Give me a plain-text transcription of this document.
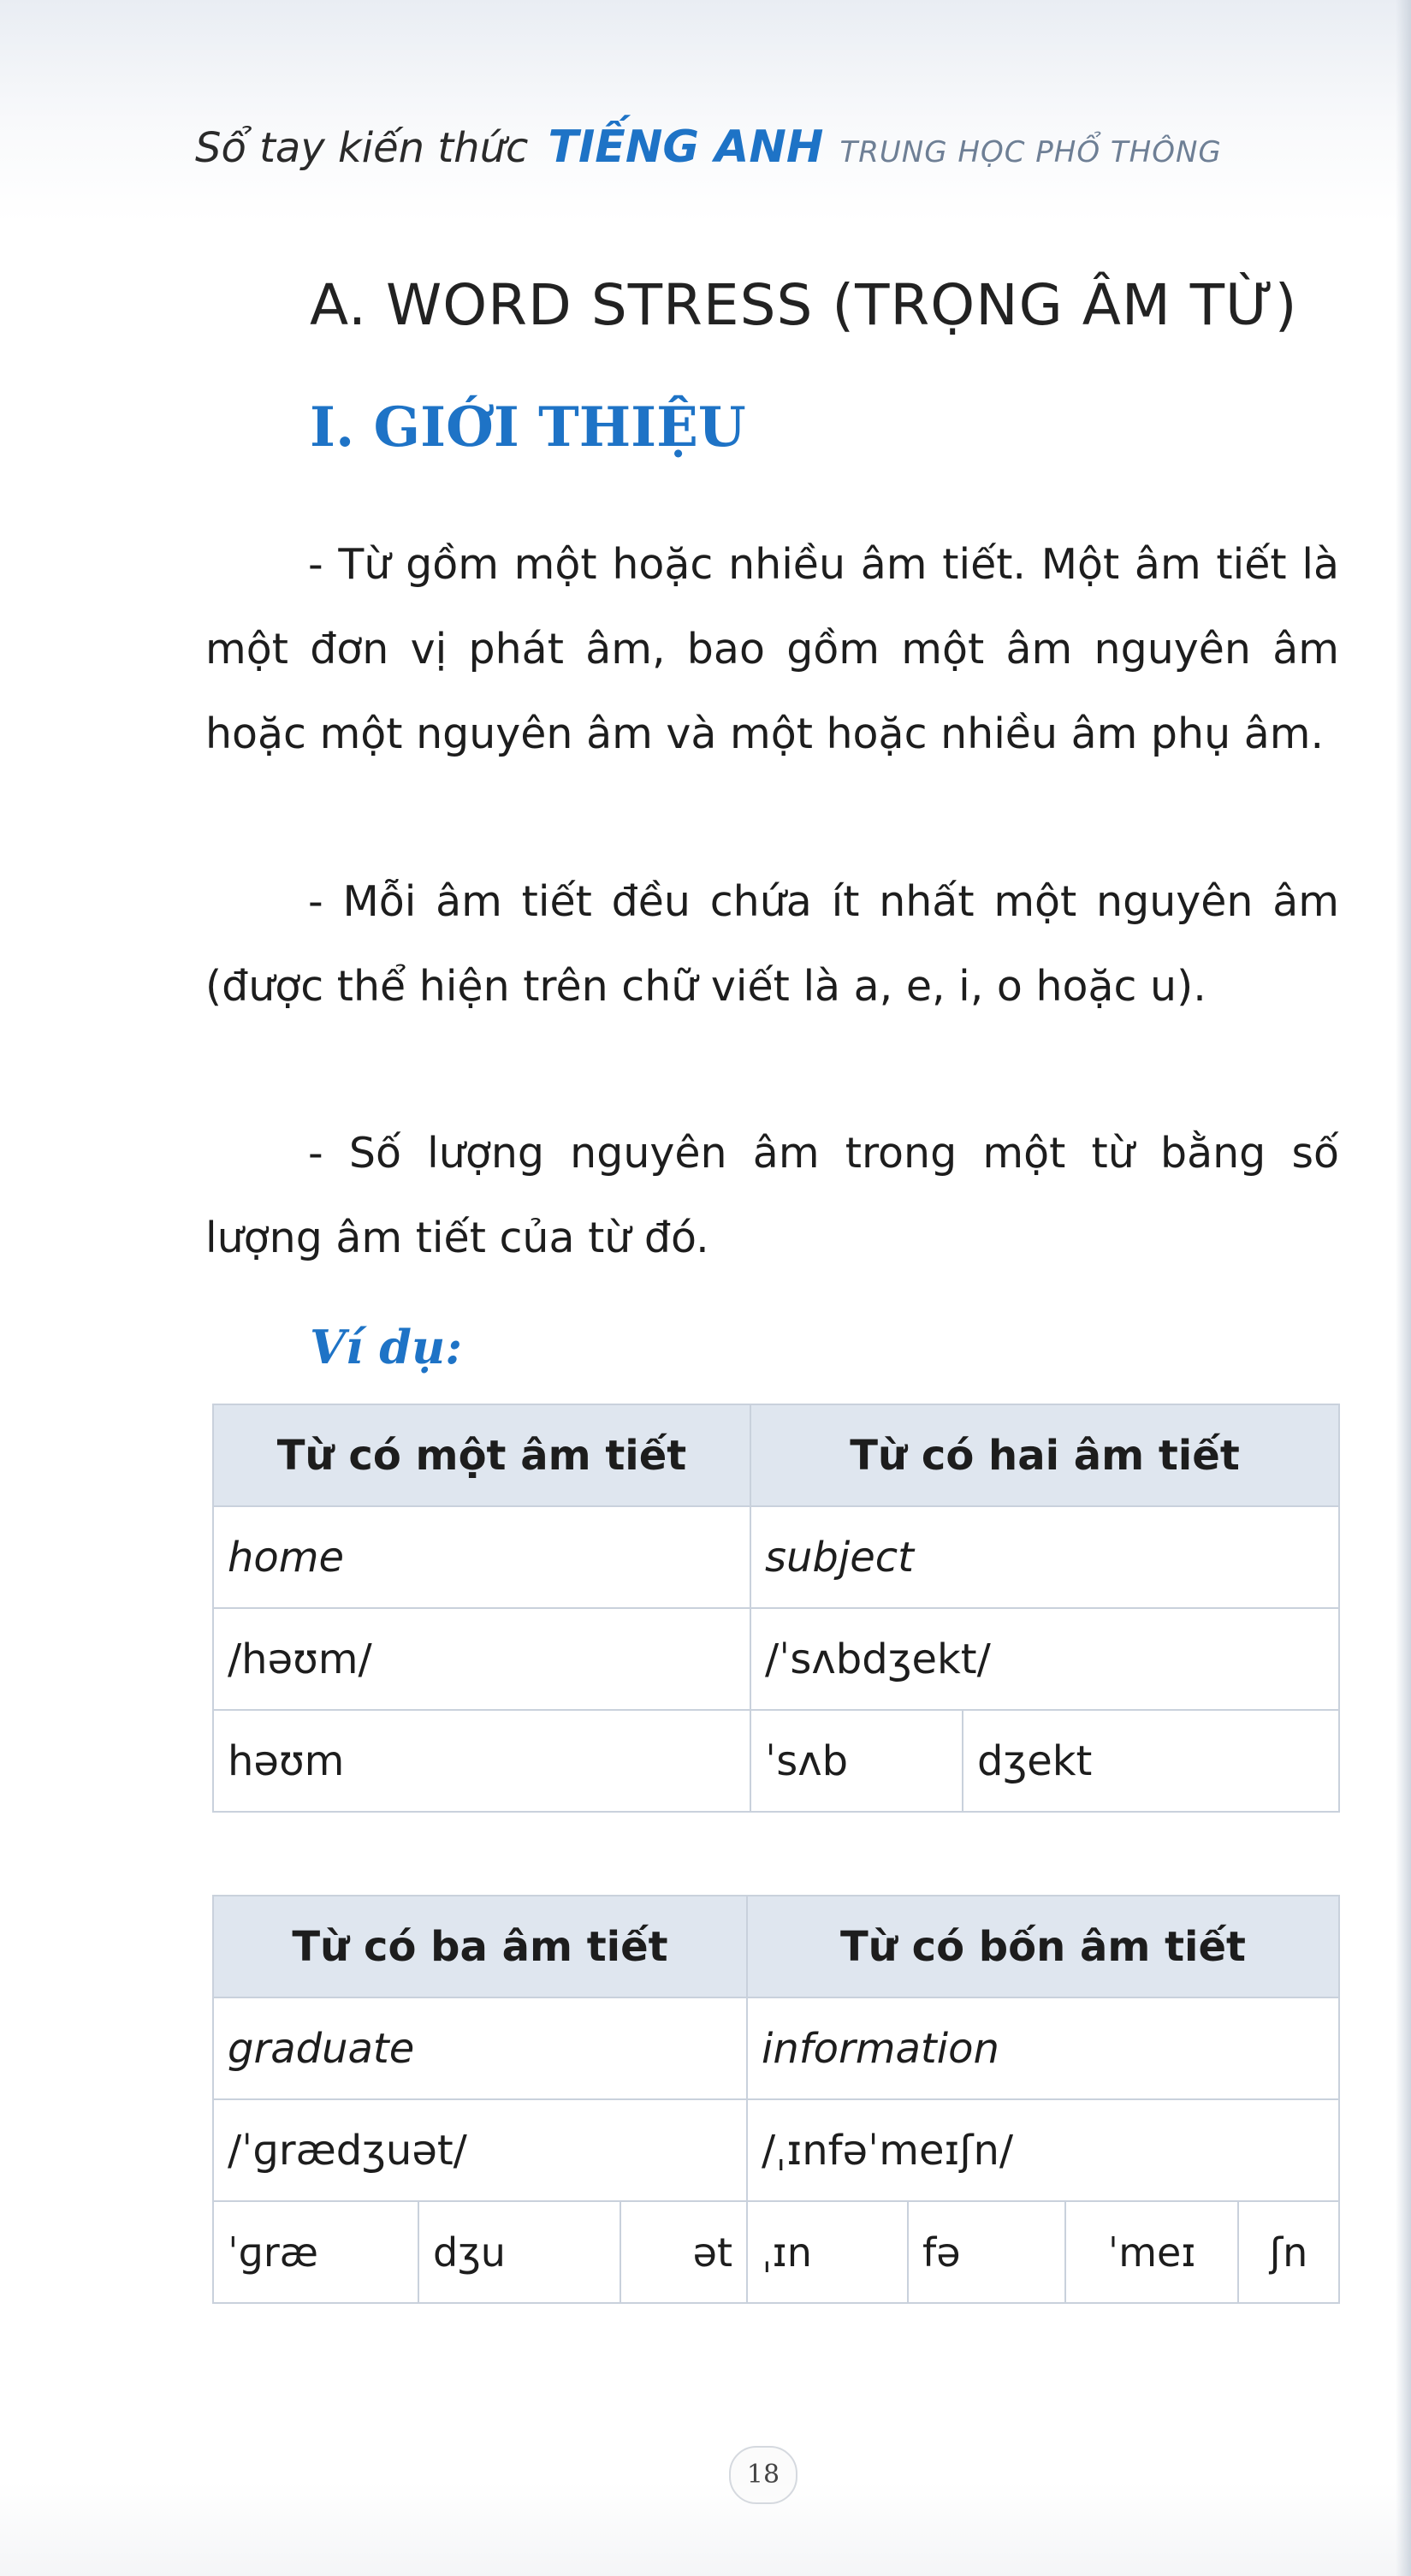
Sổ tay kiến thức TIẾNG ANH TRUNG HỌC PHỔ THÔNG
A. WORD STRESS (TRỌNG ÂM TỪ)
I. GIỚI THIỆU

- Từ gồm một hoặc nhiều âm tiết. Một âm tiết là một đơn vị phát âm, bao gồm một âm nguyên âm hoặc một nguyên âm và một hoặc nhiều âm phụ âm.

- Mỗi âm tiết đều chứa ít nhất một nguyên âm (được thể hiện trên chữ viết là a, e, i, o hoặc u).

- Số lượng nguyên âm trong một từ bằng số lượng âm tiết của từ đó.

Ví dụ:
Từ có một âm tiết	Từ có hai âm tiết	
home	subject	
/həʊm/	/ˈsʌbdʒekt/	
həʊm	ˈsʌb	dʒekt
Từ có ba âm tiết			Từ có bốn âm tiết			
graduate			information			
/ˈɡrædʒuət/			/ˌɪnfəˈmeɪʃn/			
ˈɡræ	dʒu	ət	ˌɪn	fə	ˈmeɪ	ʃn
18
